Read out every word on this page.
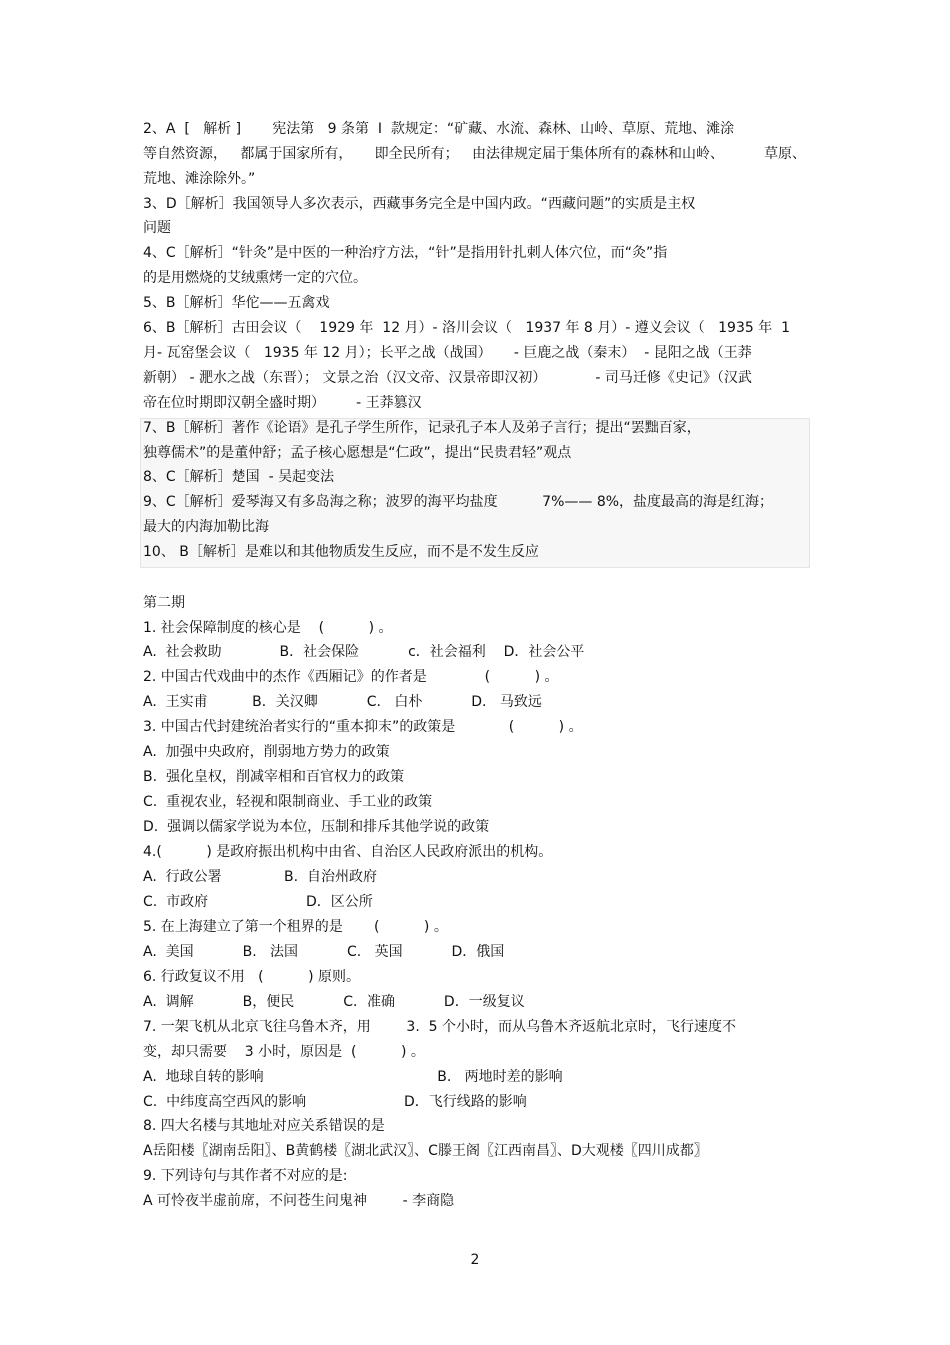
2、A  [   解析 ]       宪法第   9 条第  I  款规定：“矿藏、水流、森林、山岭、草原、荒地、滩涂
等自然资源，   都属于国家所有，     即全民所有；   由法律规定届于集体所有的森林和山岭、         草原、
荒地、滩涂除外。”
3、D［解析］我国领导人多次表示，西藏事务完全是中国内政。“西藏问题”的实质是主权
问题
4、C［解析］“针灸”是中医的一种治疗方法，“针”是指用针扎刺人体穴位，而“灸”指
的是用燃烧的艾绒熏烤一定的穴位。
5、B［解析］华佗——五禽戏
6、B［解析］古田会议（    1929 年  12 月）- 洛川会议（   1937 年 8 月）- 遵义会议（   1935 年  1
月- 瓦窑堡会议（   1935 年 12 月）；长平之战（战国）     - 巨鹿之战（秦末）  - 昆阳之战（王莽
新朝） - 淝水之战（东晋）； 文景之治（汉文帝、汉景帝即汉初）           - 司马迁修《史记》（汉武
帝在位时期即汉朝全盛时期）       - 王莽篡汉
7、B［解析］著作《论语》是孔子学生所作，记录孔子本人及弟子言行；提出“罢黜百家，
独尊儒术”的是董仲舒；孟子核心愿想是“仁政”，提出“民贵君轻”观点
8、C［解析］楚国  - 吴起变法
9、C［解析］爱琴海又有多岛海之称；波罗的海平均盐度          7%—— 8%，盐度最高的海是红海；
最大的内海加勒比海
10、 B［解析］是难以和其他物质发生反应，而不是不发生反应
第二期
1. 社会保障制度的核心是    (          ) 。
A.  社会救助             B．社会保险           c．社会福利    D．社会公平
2. 中国古代戏曲中的杰作《西厢记》的作者是             (          ) 。
A.  王实甫          B．关汉卿           C.   白朴           D.   马致远
3. 中国古代封建统治者实行的“重本抑末”的政策是            (          ) 。
A.  加强中央政府，削弱地方势力的政策
B.  强化皇权，削减宰相和百官权力的政策
C.  重视农业，轻视和限制商业、手工业的政策
D.  强调以儒家学说为本位，压制和排斥其他学说的政策
4.(          ) 是政府振出机构中由省、自治区人民政府派出的机构。
A.  行政公署              B.  自治州政府
C.  市政府                      D．区公所
5. 在上海建立了第一个租界的是       (          ) 。
A.  美国           B.   法国           C.   英国           D．俄国
6. 行政复议不用   (          ) 原则。
A.  调解           B，便民           C．准确           D．一级复议
7. 一架飞机从北京飞往乌鲁木齐，用        3.  5 个小时，而从乌鲁木齐返航北京时，飞行速度不
变，却只需要    3 小时，原因是  (          ) 。
A.  地球自转的影响                                       B.   两地时差的影响
C.  中纬度高空西风的影响                      D．飞行线路的影响
8. 四大名楼与其地址对应关系错误的是
A岳阳楼〖湖南岳阳〗、B黄鹤楼〖湖北武汉〗、C滕王阁〖江西南昌〗、D大观楼〖四川成都〗
9. 下列诗句与其作者不对应的是:
A 可怜夜半虚前席，不问苍生问鬼神        - 李商隐
2
